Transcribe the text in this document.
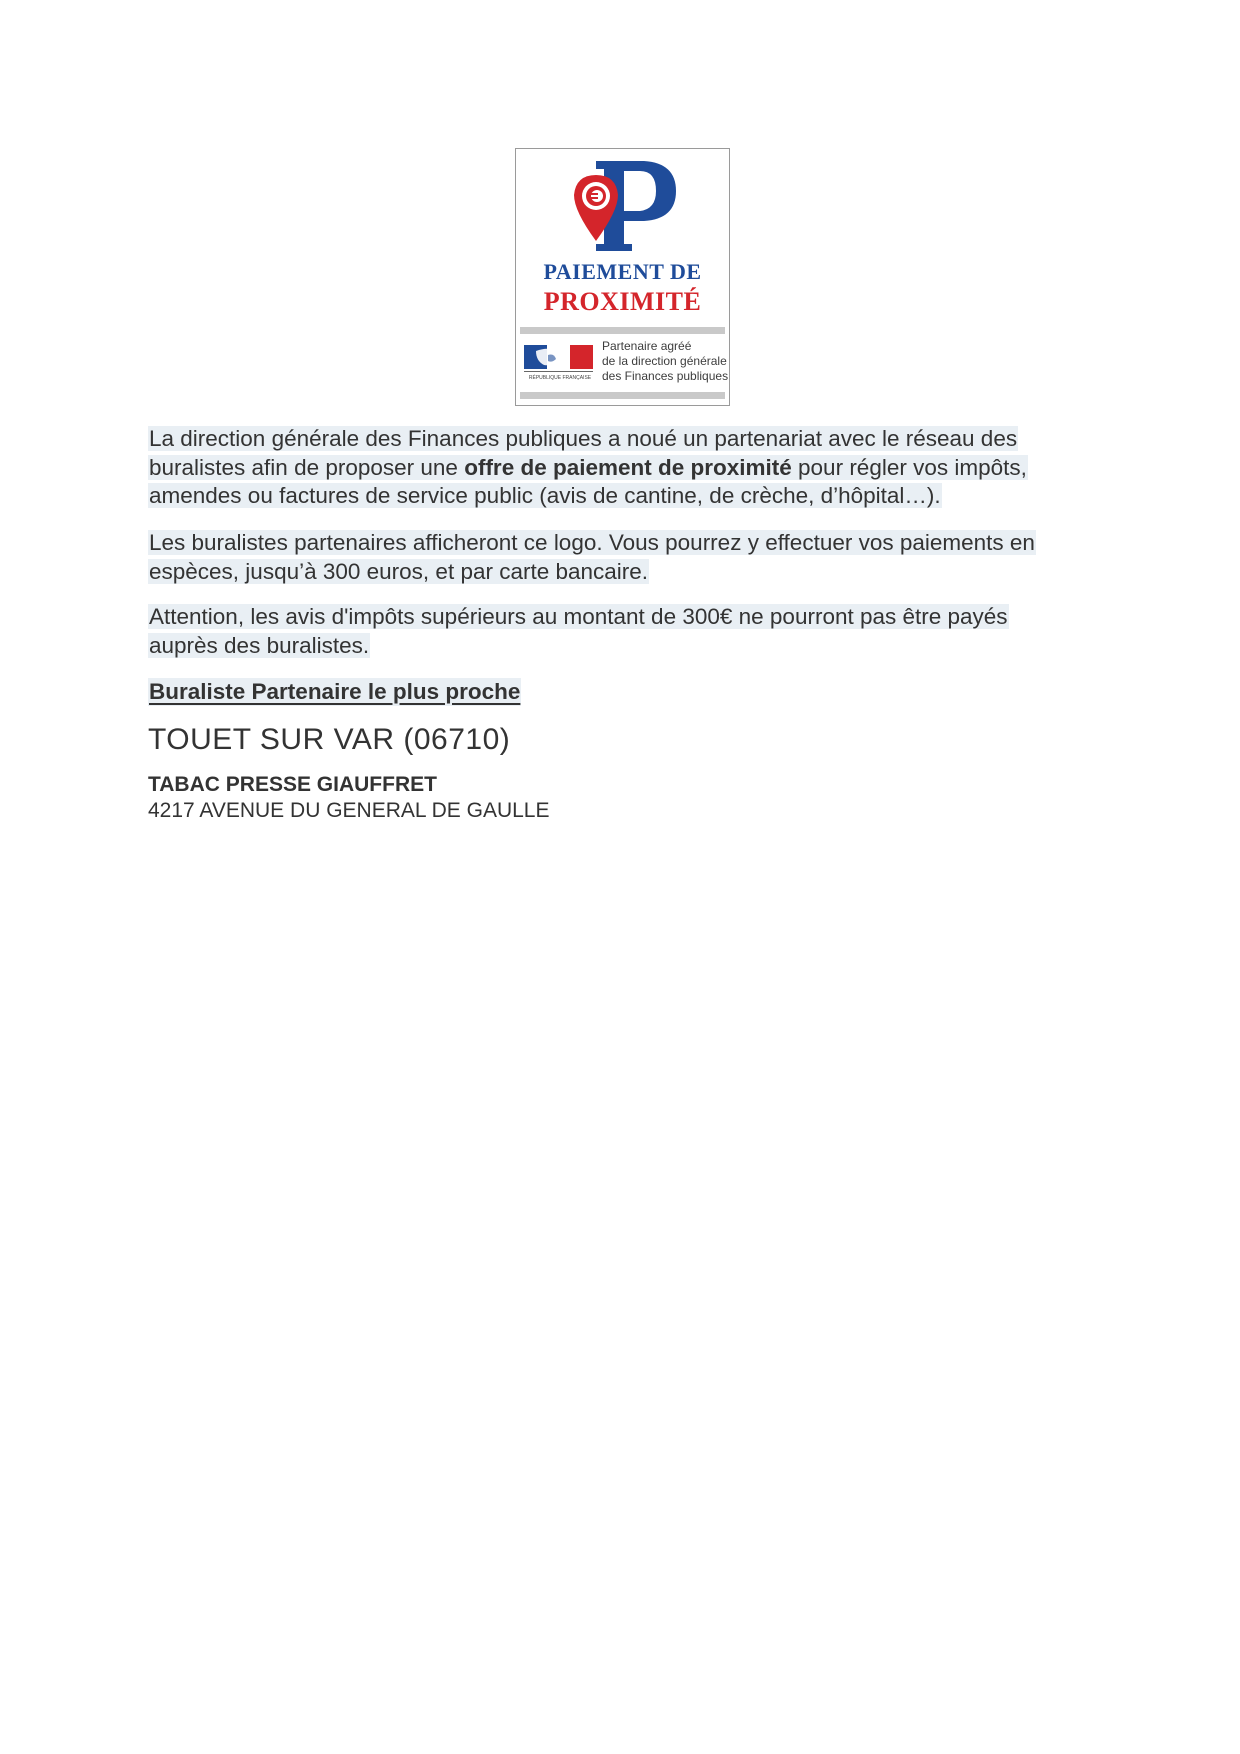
PAIEMENT DE
PROXIMITÉ
RÉPUBLIQUE FRANÇAISE
Partenaire agréé
de la direction générale
des Finances publiques
La direction générale des Finances publiques a noué un partenariat avec le réseau des buralistes afin de proposer une offre de paiement de proximité pour régler vos impôts, amendes ou factures de service public (avis de cantine, de crèche, d’hôpital…).
Les buralistes partenaires afficheront ce logo. Vous pourrez y effectuer vos paiements en espèces, jusqu’à 300 euros, et par carte bancaire.
Attention, les avis d'impôts supérieurs au montant de 300€ ne pourront pas être payés auprès des buralistes.
Buraliste Partenaire le plus proche
TOUET SUR VAR (06710)
TABAC PRESSE GIAUFFRET
4217 AVENUE DU GENERAL DE GAULLE
